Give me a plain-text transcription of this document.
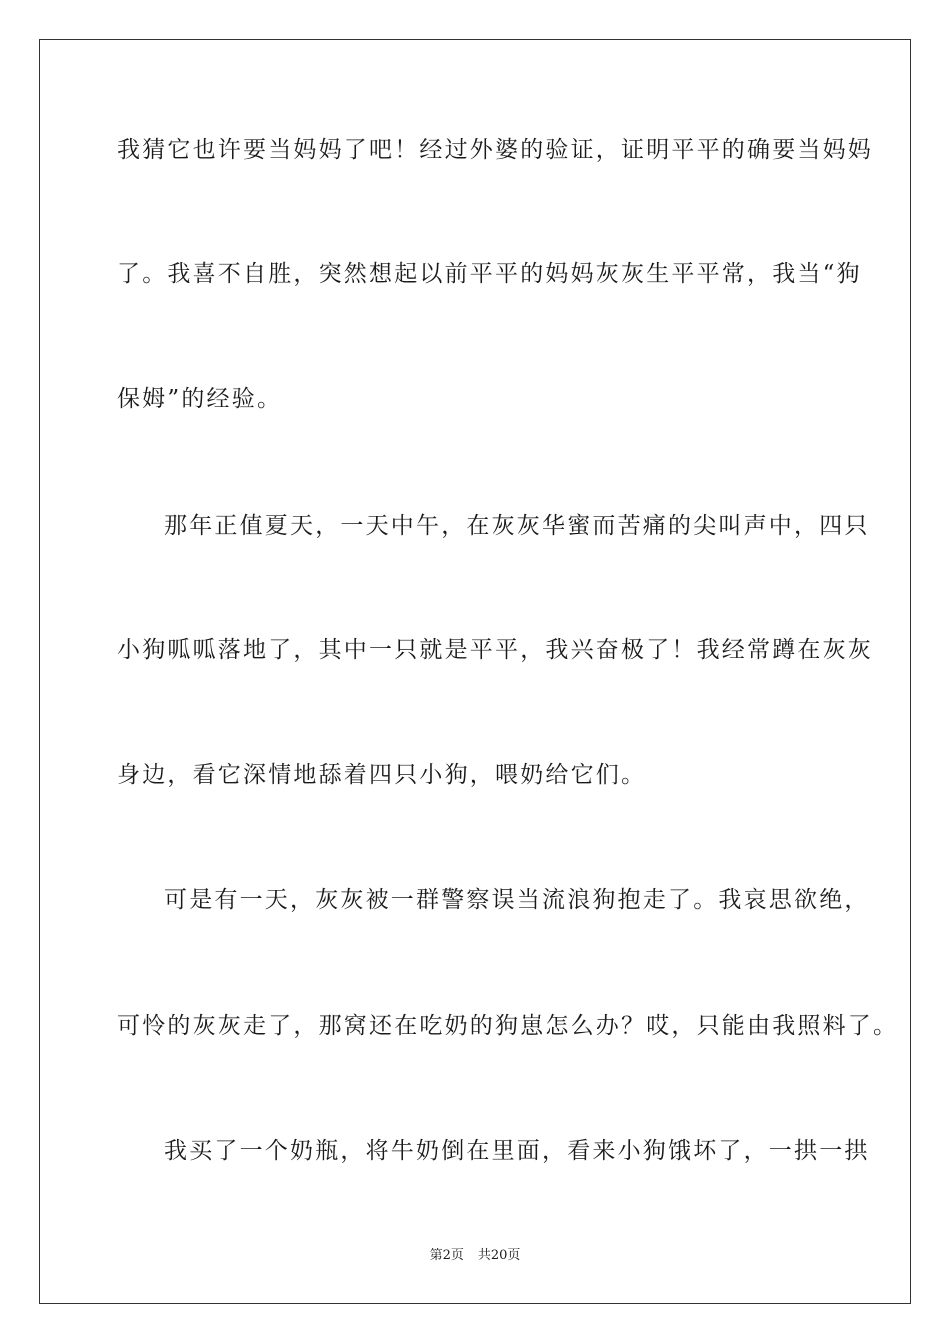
我猜它也许要当妈妈了吧！经过外婆的验证，证明平平的确要当妈妈
了。我喜不自胜，突然想起以前平平的妈妈灰灰生平平常，我当“狗
保姆”的经验。
那年正值夏天，一天中午，在灰灰华蜜而苦痛的尖叫声中，四只
小狗呱呱落地了，其中一只就是平平，我兴奋极了！我经常蹲在灰灰
身边，看它深情地舔着四只小狗，喂奶给它们。
可是有一天，灰灰被一群警察误当流浪狗抱走了。我哀思欲绝，
可怜的灰灰走了，那窝还在吃奶的狗崽怎么办？哎，只能由我照料了。
我买了一个奶瓶，将牛奶倒在里面，看来小狗饿坏了，一拱一拱
第2页 共20页
